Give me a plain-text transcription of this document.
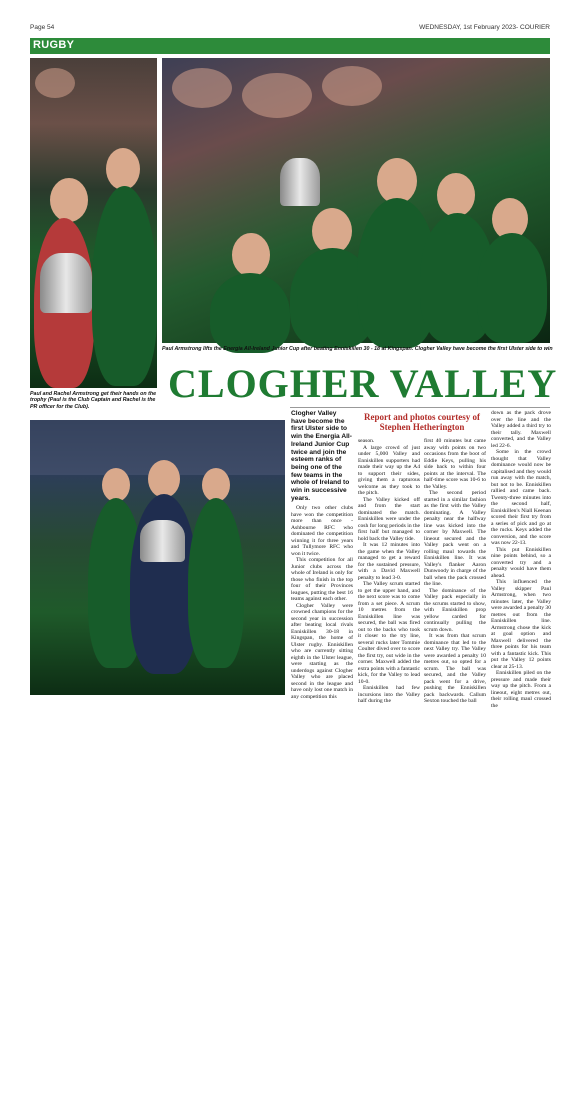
Page 54	WEDNESDAY, 1st February 2023- COURIER
RUGBY
Clogher Valley Manager, Richard Hadio with sons Jamie and Ewan proudly hold the All-Ireland Junior Cup for the 2nd year.
Paul and Rachel Armstrong get their hands on the trophy (Paul is the Club Captain and Rachel is the PR officer for the Club).
Paul Armstrong lifts the Energia All-Ireland Junior Cup after beating Enniskillen 30 - 18 at Kingspan. Clogher Valley have become the first Ulster side to win
CLOGHER VALLEY
Report and photos courtesy of Stephen Hetherington

Clogher Valley have become the first Ulster side to win the Energia All-Ireland Junior Cup twice and join the esteem ranks of being one of the few teams in the whole of Ireland to win in successive years.

Only two other clubs have won the competition more than once - Ashbourne RFC who dominated the competition winning it for three years and Tullymore RFC who won it twice.

This competition for all Junior clubs across the whole of Ireland is only for those who finish in the top four of their Provinces leagues, putting the best 16 teams against each other.

Clogher Valley were crowned champions for the second year in succession after beating local rivals Enniskillen 30-18 in Kingspan, the home of Ulster rugby. Enniskillen who are currently sitting eighth in the Ulster league, were starting as the underdogs against Clogher Valley who are placed second in the league and have only lost one match in any competition this

season.

A large crowd of just under 5,000 Valley and Enniskillen supporters had made their way up the A4 to support their sides, giving them a rapturous welcome as they took to the pitch.

The Valley kicked off and from the start dominated the match. Enniskillen were under the cosh for long periods in the first half but managed to hold back the Valley tide.

It was 12 minutes into the game when the Valley managed to get a reward for the sustained pressure, with a David Maxwell penalty to lead 3-0.

The Valley scrum started to get the upper hand, and the next score was to come from a set piece. A scrum 10 metres from the Enniskillen line was secured, the ball was fired out to the backs who took it closer to the try line, several rucks later Tommie Coulter dived over to score the first try, out wide in the corner. Maxwell added the extra points with a fantastic kick, for the Valley to lead 10-0.

Enniskillen had few incursions into the Valley half during the

first 40 minutes but came away with points on two occasions from the boot of Eddie Keys, pulling his side back to within four points at the interval. The half-time score was 10-6 to the Valley.

The second period started in a similar fashion as the first with the Valley dominating. A Valley penalty near the halfway line was kicked into the corner by Maxwell. The lineout secured and the Valley pack went on a rolling maul towards the Enniskillen line. It was Valley's flanker Aaron Dunwoody in charge of the ball when the pack crossed the line.

The dominance of the Valley pack especially in the scrums started to show, with Enniskillen prop yellow carded for continually pulling the scrum down.

It was from that scrum dominance that led to the next Valley try. The Valley were awarded a penalty 10 metres out, so opted for a scrum. The ball was secured, and the Valley pack went for a drive, pushing the Enniskillen pack backwards. Callum Sexton touched the ball

down as the pack drove over the line and the Valley added a third try to their tally. Maxwell converted, and the Valley led 22-6.

Some in the crowd thought that Valley dominance would now be capitalised and they would run away with the match, but not to be. Enniskillen rallied and came back. Twenty-three minutes into the second half, Enniskillen's Niall Keenan scored their first try from a series of pick and go at the rucks. Keys added the conversion, and the score was now 22-13.

This put Enniskillen nine points behind, so a converted try and a penalty would have them ahead.

This influenced the Valley skipper Paul Armstrong, when two minutes later, the Valley were awarded a penalty 30 metres out from the Enniskillen line. Armstrong chose the kick at goal option and Maxwell delivered the three points for his team with a fantastic kick. This put the Valley 12 points clear at 25-13.

Enniskillen piled on the pressure and made their way up the pitch. From a lineout, eight metres out, their rolling maul crossed the
